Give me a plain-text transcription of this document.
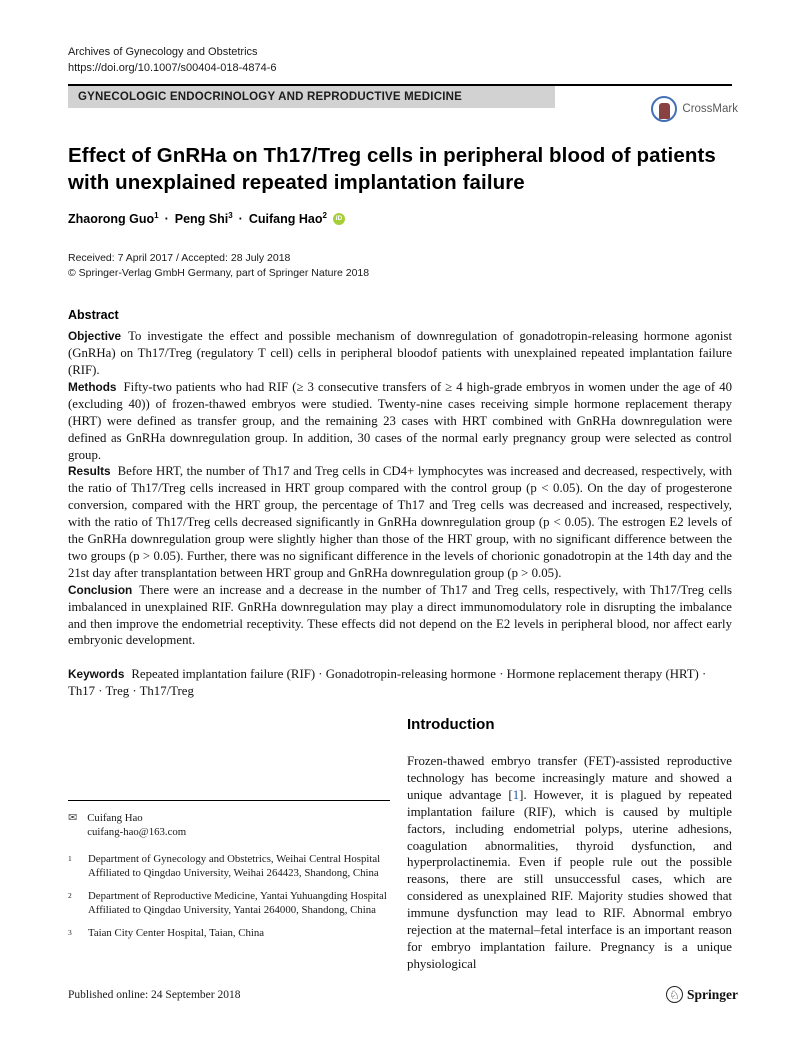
Archives of Gynecology and Obstetrics
https://doi.org/10.1007/s00404-018-4874-6
GYNECOLOGIC ENDOCRINOLOGY AND REPRODUCTIVE MEDICINE
CrossMark
Effect of GnRHa on Th17/Treg cells in peripheral blood of patients
with unexplained repeated implantation failure
Zhaorong Guo$^1$ · Peng Shi$^3$ · Cuifang Hao$^2$	iD
Received: 7 April 2017 / Accepted: 28 July 2018
© Springer-Verlag GmbH Germany, part of Springer Nature 2018
Abstract

Objective To investigate the effect and possible mechanism of downregulation of gonadotropin-releasing hormone agonist (GnRHa) on Th17/Treg (regulatory T cell) cells in peripheral bloodof patients with unexplained repeated implantation failure (RIF).

Methods Fifty-two patients who had RIF (≥ 3 consecutive transfers of ≥ 4 high-grade embryos in women under the age of 40 (excluding 40)) of frozen-thawed embryos were studied. Twenty-nine cases receiving simple hormone replacement therapy (HRT) were defined as transfer group, and the remaining 23 cases with HRT combined with GnRHa downregulation were defined as GnRHa downregulation group. In addition, 30 cases of the normal early pregnancy group were selected as control group.

Results Before HRT, the number of Th17 and Treg cells in CD4+ lymphocytes was increased and decreased, respectively, with the ratio of Th17/Treg cells increased in HRT group compared with the control group (p < 0.05). On the day of progesterone conversion, compared with the HRT group, the percentage of Th17 and Treg cells was decreased and increased, respectively, with the ratio of Th17/Treg cells decreased significantly in GnRHa downregulation group (p < 0.05). The estrogen E2 levels of the GnRHa downregulation group were slightly higher than those of the HRT group, with no significant difference between the two groups (p > 0.05). Further, there was no significant difference in the levels of chorionic gonadotropin at the 14th day and the 21st day after transplantation between HRT group and GnRHa downregulation group (p > 0.05).

Conclusion There were an increase and a decrease in the number of Th17 and Treg cells, respectively, with Th17/Treg cells imbalanced in unexplained RIF. GnRHa downregulation may play a direct immunomodulatory role in disrupting the imbalance and then improve the endometrial receptivity. These effects did not depend on the E2 levels in peripheral blood, nor affect early embryonic development.

Keywords Repeated implantation failure (RIF) · Gonadotropin-releasing hormone · Hormone replacement therapy (HRT) · Th17 · Treg · Th17/Treg

Introduction

Frozen-thawed embryo transfer (FET)-assisted reproductive technology has become increasingly mature and showed a unique advantage [1]. However, it is plagued by repeated implantation failure (RIF), which is caused by multiple factors, including endometrial polyps, uterine adhesions, coagulation abnormalities, thyroid dysfunction, and hyperprolactinemia. Even if people rule out the possible reasons, there are still unsuccessful cases, which are considered as unexplained RIF. Majority studies showed that immune dysfunction may lead to RIF. Abnormal embryo rejection at the maternal–fetal interface is an important reason for embryo implantation failure. Pregnancy is a unique physiological

✉ Cuifang Hao
cuifang-hao@163.com
1	Department of Gynecology and Obstetrics, Weihai Central Hospital Affiliated to Qingdao University, Weihai 264423, Shandong, China
2	Department of Reproductive Medicine, Yantai Yuhuangding Hospital Affiliated to Qingdao University, Yantai 264000, Shandong, China
3	Taian City Center Hospital, Taian, China
Published online: 24 September 2018	♘ Springer
